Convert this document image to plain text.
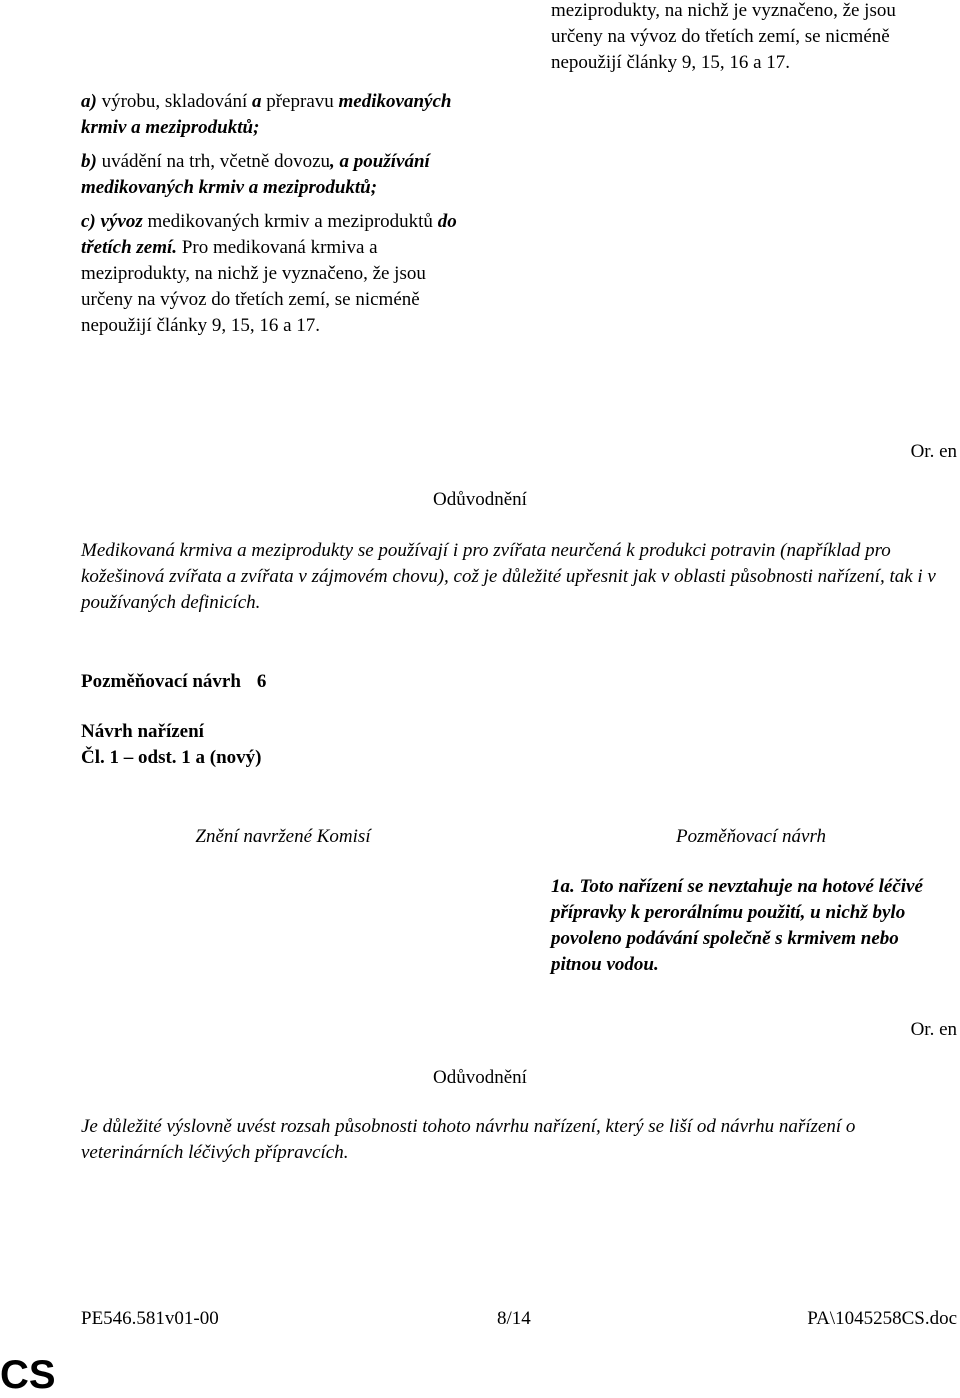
a) výrobu, skladování a přepravu medikovaných krmiv a meziproduktů;

b) uvádění na trh, včetně dovozu, a používání medikovaných krmiv a meziproduktů;

c) vývoz medikovaných krmiv a meziproduktů do třetích zemí. Pro medikovaná krmiva a meziprodukty, na nichž je vyznačeno, že jsou určeny na vývoz do třetích zemí, se nicméně nepoužijí články 9, 15, 16 a 17.

meziprodukty, na nichž je vyznačeno, že jsou určeny na vývoz do třetích zemí, se nicméně nepoužijí články 9, 15, 16 a 17.

Or. en
Odůvodnění

Medikovaná krmiva a meziprodukty se používají i pro zvířata neurčená k produkci potravin (například pro kožešinová zvířata a zvířata v zájmovém chovu), což je důležité upřesnit jak v oblasti působnosti nařízení, tak i v používaných definicích.

Pozměňovací návrh 6
Návrh nařízení
Čl. 1 – odst. 1 a (nový)
Znění navržené Komisí	Pozměňovací návrh

1a. Toto nařízení se nevztahuje na hotové léčivé přípravky k perorálnímu použití, u nichž bylo povoleno podávání společně s krmivem nebo pitnou vodou.

Or. en
Odůvodnění

Je důležité výslovně uvést rozsah působnosti tohoto návrhu nařízení, který se liší od návrhu nařízení o veterinárních léčivých přípravcích.

PE546.581v01-00	8/14	PA\1045258CS.doc
CS
